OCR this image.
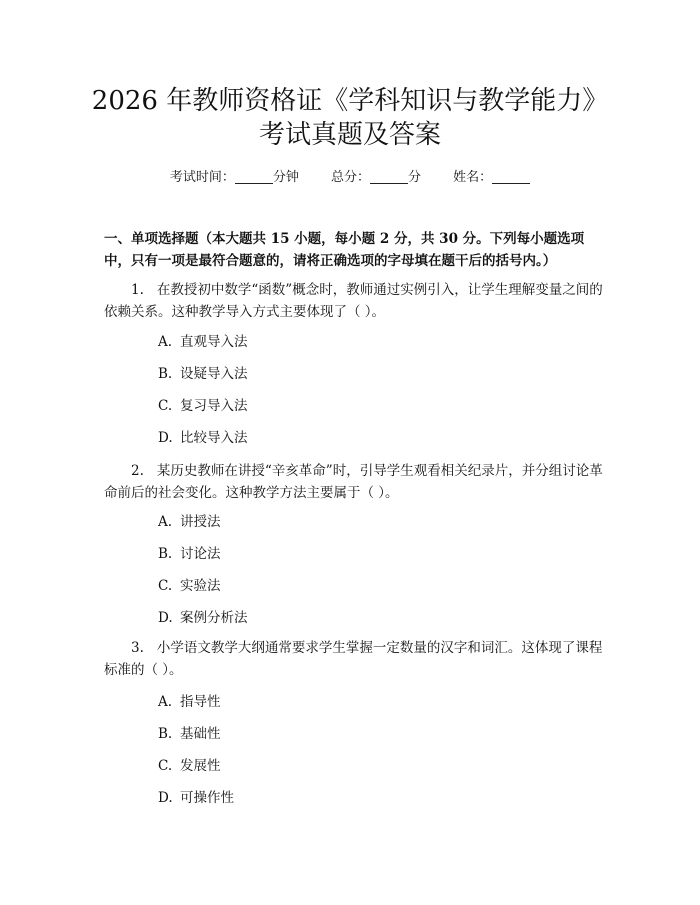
2026 年教师资格证《学科知识与教学能力》
考试真题及答案
考试时间：	分钟 总分：	分 姓名：

一、单项选择题（本大题共 15 小题，每小题 2 分，共 30 分。下列每小题选项中，只有一项是最符合题意的，请将正确选项的字母填在题干后的括号内。）

1. 在教授初中数学“函数”概念时，教师通过实例引入，让学生理解变量之间的依赖关系。这种教学导入方式主要体现了（ ）。

A. 直观导入法
B. 设疑导入法
C. 复习导入法
D. 比较导入法

2. 某历史教师在讲授“辛亥革命”时，引导学生观看相关纪录片，并分组讨论革命前后的社会变化。这种教学方法主要属于（ ）。

A. 讲授法
B. 讨论法
C. 实验法
D. 案例分析法

3. 小学语文教学大纲通常要求学生掌握一定数量的汉字和词汇。这体现了课程标准的（ ）。

A. 指导性
B. 基础性
C. 发展性
D. 可操作性
